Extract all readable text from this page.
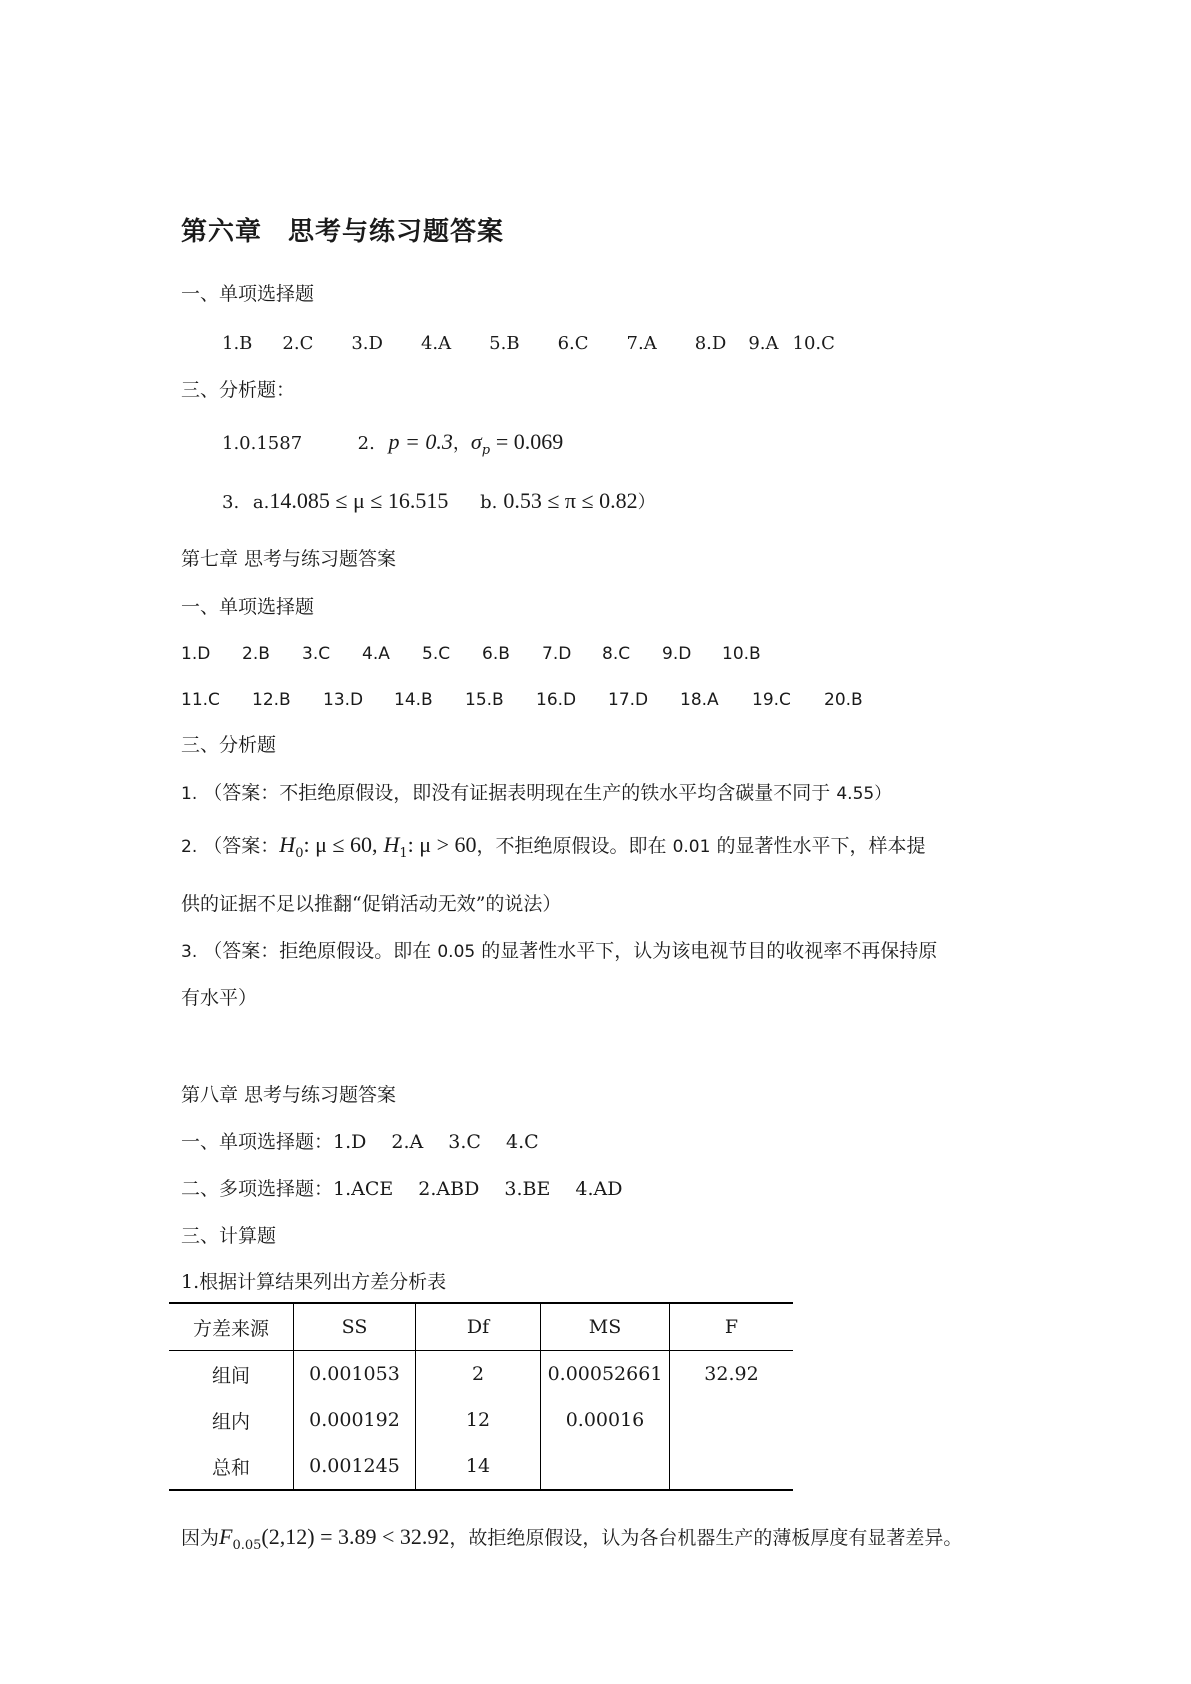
第六章 思考与练习题答案
一、单项选择题
1.B 2.C 3.D 4.A 5.B 6.C 7.A 8.D 9.A 10.C
三、分析题：
1.0.1587	2. p = 0.3，$\sigma_p = 0.069$
3. a.14.085 ≤ μ ≤ 16.515 b. 0.53 ≤ π ≤ 0.82）
第七章 思考与练习题答案
一、单项选择题
1.D 2.B 3.C 4.A 5.C 6.B 7.D 8.C 9.D 10.B
11.C 12.B 13.D 14.B 15.B 16.D 17.D 18.A 19.C 20.B
三、分析题
1. （答案：不拒绝原假设，即没有证据表明现在生产的铁水平均含碳量不同于 4.55）
2. （答案：$H_0$: μ ≤ 60, $H_1$: μ > 60，不拒绝原假设。即在 0.01 的显著性水平下，样本提
供的证据不足以推翻“促销活动无效”的说法）
3. （答案：拒绝原假设。即在 0.05 的显著性水平下，认为该电视节目的收视率不再保持原
有水平）
第八章 思考与练习题答案
一、单项选择题：1.D　 2.A　 3.C　 4.C
二、多项选择题：1.ACE　 2.ABD　 3.BE　 4.AD
三、计算题
1.根据计算结果列出方差分析表
方差来源	SS	Df	MS	F
组间	0.001053	2	0.00052661	32.92
组内	0.000192	12	0.00016	
总和	0.001245	14		
因为$F_{0.05}(2,12) = 3.89 < 32.92$，故拒绝原假设，认为各台机器生产的薄板厚度有显著差异。
